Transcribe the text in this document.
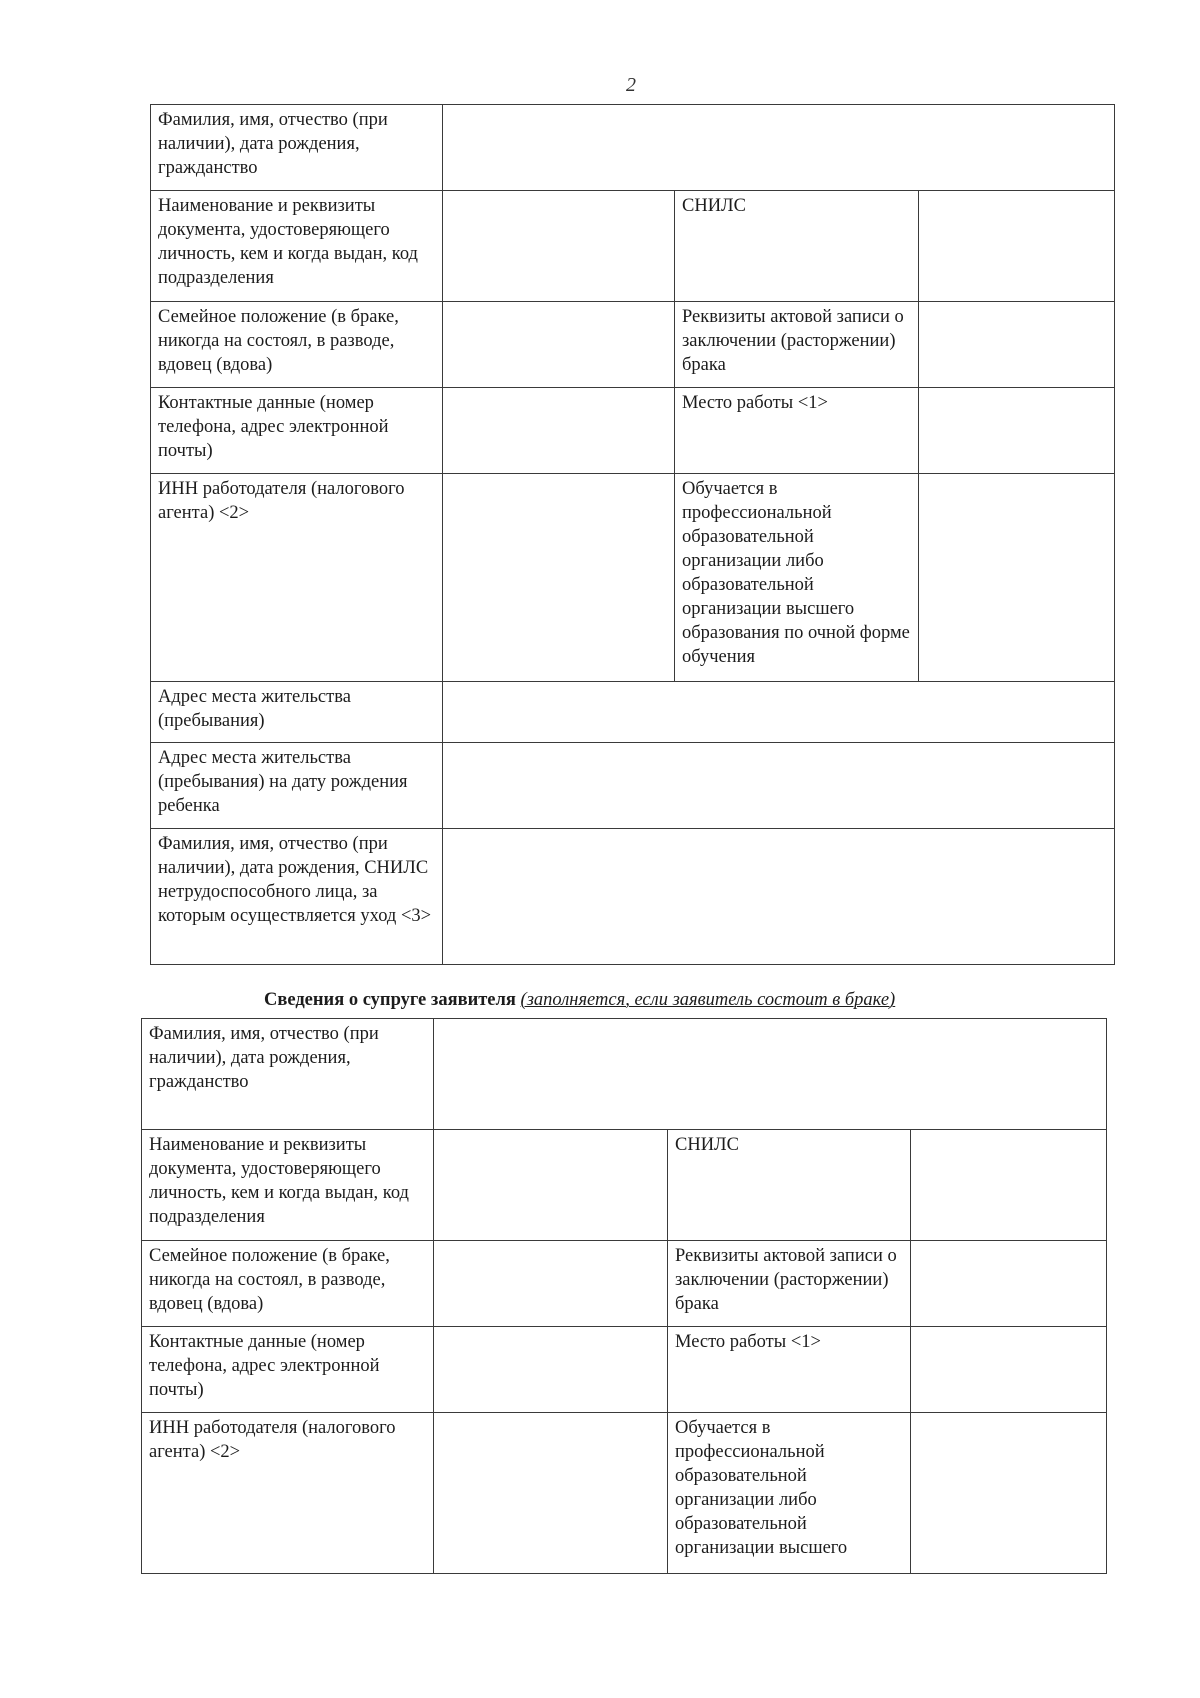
2
Фамилия, имя, отчество (при наличии), дата рождения, гражданство			
Наименование и реквизиты документа, удостоверяющего личность, кем и когда выдан, код подразделения		СНИЛС	
Семейное положение (в браке, никогда на состоял, в разводе, вдовец (вдова)		Реквизиты актовой записи о заключении (расторжении) брака	
Контактные данные (номер телефона, адрес электронной почты)		Место работы <1>	
ИНН работодателя (налогового агента) <2>		Обучается в профессиональной образовательной организации либо образовательной организации высшего образования по очной форме обучения	
Адрес места жительства (пребывания)			
Адрес места жительства (пребывания) на дату рождения ребенка			
Фамилия, имя, отчество (при наличии), дата рождения, СНИЛС нетрудоспособного лица, за которым осуществляется уход <3>			
Сведения о супруге заявителя (заполняется, если заявитель состоит в браке)
Фамилия, имя, отчество (при наличии), дата рождения, гражданство			
Наименование и реквизиты документа, удостоверяющего личность, кем и когда выдан, код подразделения		СНИЛС	
Семейное положение (в браке, никогда на состоял, в разводе, вдовец (вдова)		Реквизиты актовой записи о заключении (расторжении) брака	
Контактные данные (номер телефона, адрес электронной почты)		Место работы <1>	
ИНН работодателя (налогового агента) <2>		Обучается в профессиональной образовательной организации либо образовательной организации высшего	
